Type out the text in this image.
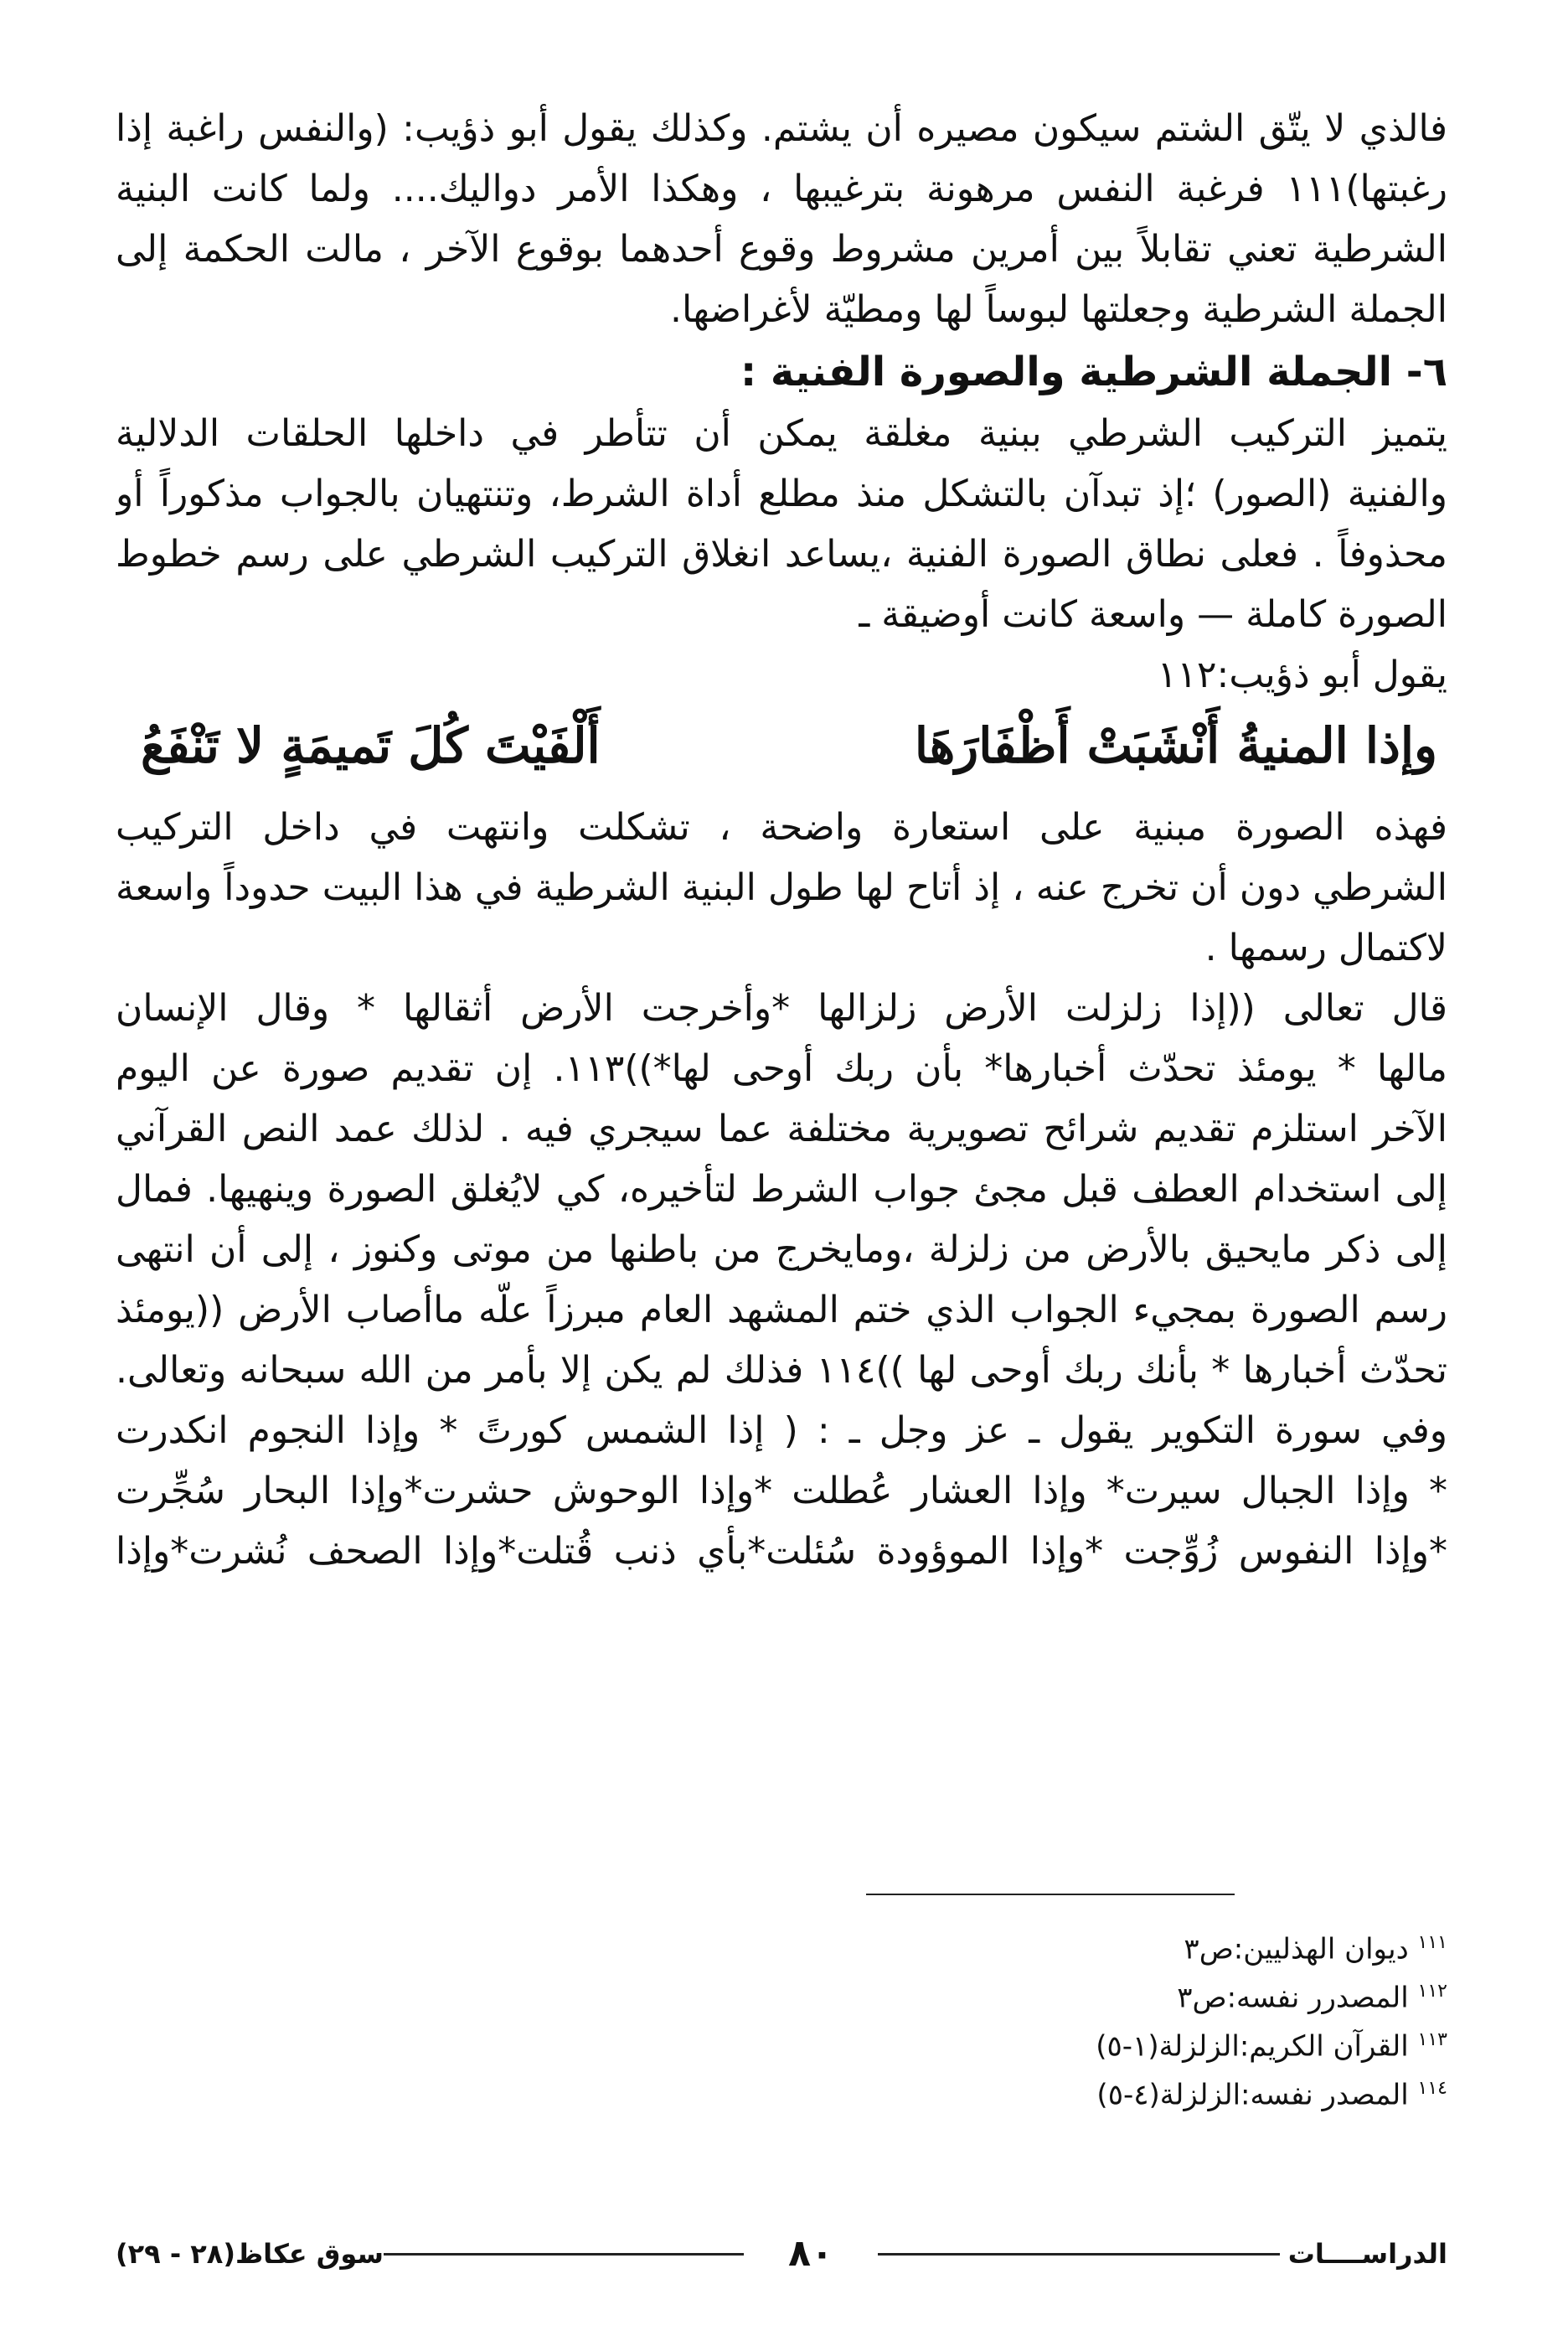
فالذي لا يتّق الشتم سيكون مصيره أن يشتم. وكذلك يقول أبو ذؤيب: (والنفس راغبة إذا
رغبتها)١١١ فرغبة النفس مرهونة بترغيبها ، وهكذا الأمر دواليك.... ولما كانت البنية
الشرطية تعني تقابلاً بين أمرين مشروط وقوع أحدهما بوقوع الآخر ، مالت الحكمة إلى
الجملة الشرطية وجعلتها لبوساً لها ومطيّة لأغراضها.
٦- الجملة الشرطية والصورة الفنية :
يتميز التركيب الشرطي ببنية مغلقة يمكن أن تتأطر في داخلها الحلقات الدلالية
والفنية (الصور) ؛إذ تبدآن بالتشكل منذ مطلع أداة الشرط، وتنتهيان بالجواب مذكوراً أو
محذوفاً . فعلى نطاق الصورة الفنية ،يساعد انغلاق التركيب الشرطي على رسم خطوط
الصورة كاملة — واسعة كانت أوضيقة ـ
يقول أبو ذؤيب:١١٢
وإذا المنيةُ أَنْشَبَتْ أَظْفَارَهَا
أَلْفَيْتَ كُلَ تَميمَةٍ لا تَنْفَعُ
فهذه الصورة مبنية على استعارة واضحة ، تشكلت وانتهت في داخل التركيب
الشرطي دون أن تخرج عنه ، إذ أتاح لها طول البنية الشرطية في هذا البيت حدوداً واسعة
لاكتمال رسمها .
قال تعالى ((إذا زلزلت الأرض زلزالها *وأخرجت الأرض أثقالها * وقال الإنسان
مالها * يومئذ تحدّث أخبارها* بأن ربك أوحى لها*))١١٣. إن تقديم صورة عن اليوم
الآخر استلزم تقديم شرائح تصويرية مختلفة عما سيجري فيه . لذلك عمد النص القرآني
إلى استخدام العطف قبل مجئ جواب الشرط لتأخيره، كي لايُغلق الصورة وينهيها. فمال
إلى ذكر مايحيق بالأرض من زلزلة ،ومايخرج من باطنها من موتى وكنوز ، إلى أن انتهى
رسم الصورة بمجيء الجواب الذي ختم المشهد العام مبرزاً علّه ماأصاب الأرض ((يومئذ
تحدّث أخبارها * بأنك ربك أوحى لها ))١١٤ فذلك لم يكن إلا بأمر من الله سبحانه وتعالى.
وفي سورة التكوير يقول ـ عز وجل ـ : ( إذا الشمس كورتً * وإذا النجوم انكدرت
* وإذا الجبال سيرت* وإذا العشار عُطلت *وإذا الوحوش حشرت*وإذا البحار سُجِّرت
*وإذا النفوس زُوِّجت *وإذا الموؤودة سُئلت*بأي ذنب قُتلت*وإذا الصحف نُشرت*وإذا
$^{١١١}$ ديوان الهذليين:ص٣
$^{١١٢}$ المصدرر نفسه:ص٣
$^{١١٣}$ القرآن الكريم:الزلزلة(١-٥)
$^{١١٤}$ المصدر نفسه:الزلزلة(٤-٥)
سوق عكاظ(٢٨ - ٢٩)	٨٠	الدراســــات
